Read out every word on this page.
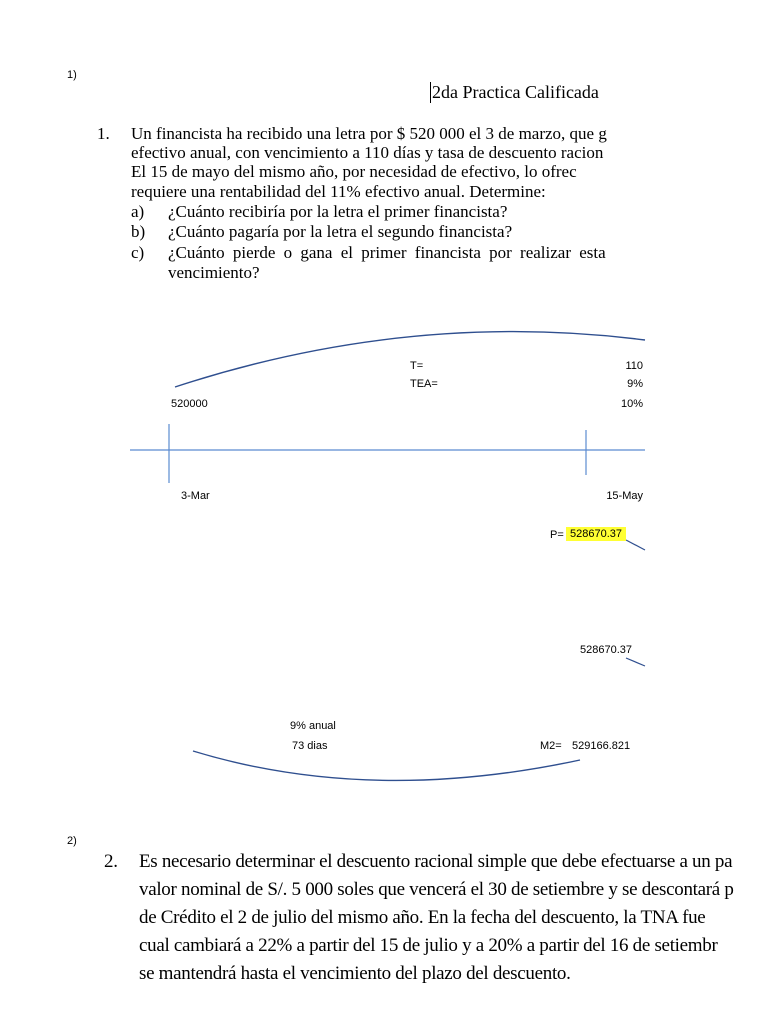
1)
2da Practica Calificada
1. Un financista ha recibido una letra por $ 520 000 el 3 de marzo, que g
efectivo anual, con vencimiento a 110 días y tasa de descuento racion
El 15 de mayo del mismo año, por necesidad de efectivo, lo ofrec
requiere una rentabilidad del 11% efectivo anual. Determine:
a) ¿Cuánto recibiría por la letra el primer financista?
b) ¿Cuánto pagaría por la letra el segundo financista?
c) ¿Cuánto pierde o gana el primer financista por realizar esta
vencimiento?
T=
TEA=
110
9%
10%
520000
3-Mar	15-May
P= 528670.37
528670.37
9% anual
73 dias	M2= 529166.821
2)
2. Es necesario determinar el descuento racional simple que debe efectuarse a un pa
valor nominal de S/. 5 000 soles que vencerá el 30 de setiembre y se descontará p
de Crédito el 2 de julio del mismo año. En la fecha del descuento, la TNA fue
cual cambiará a 22% a partir del 15 de julio y a 20% a partir del 16 de setiembr
se mantendrá hasta el vencimiento del plazo del descuento.
